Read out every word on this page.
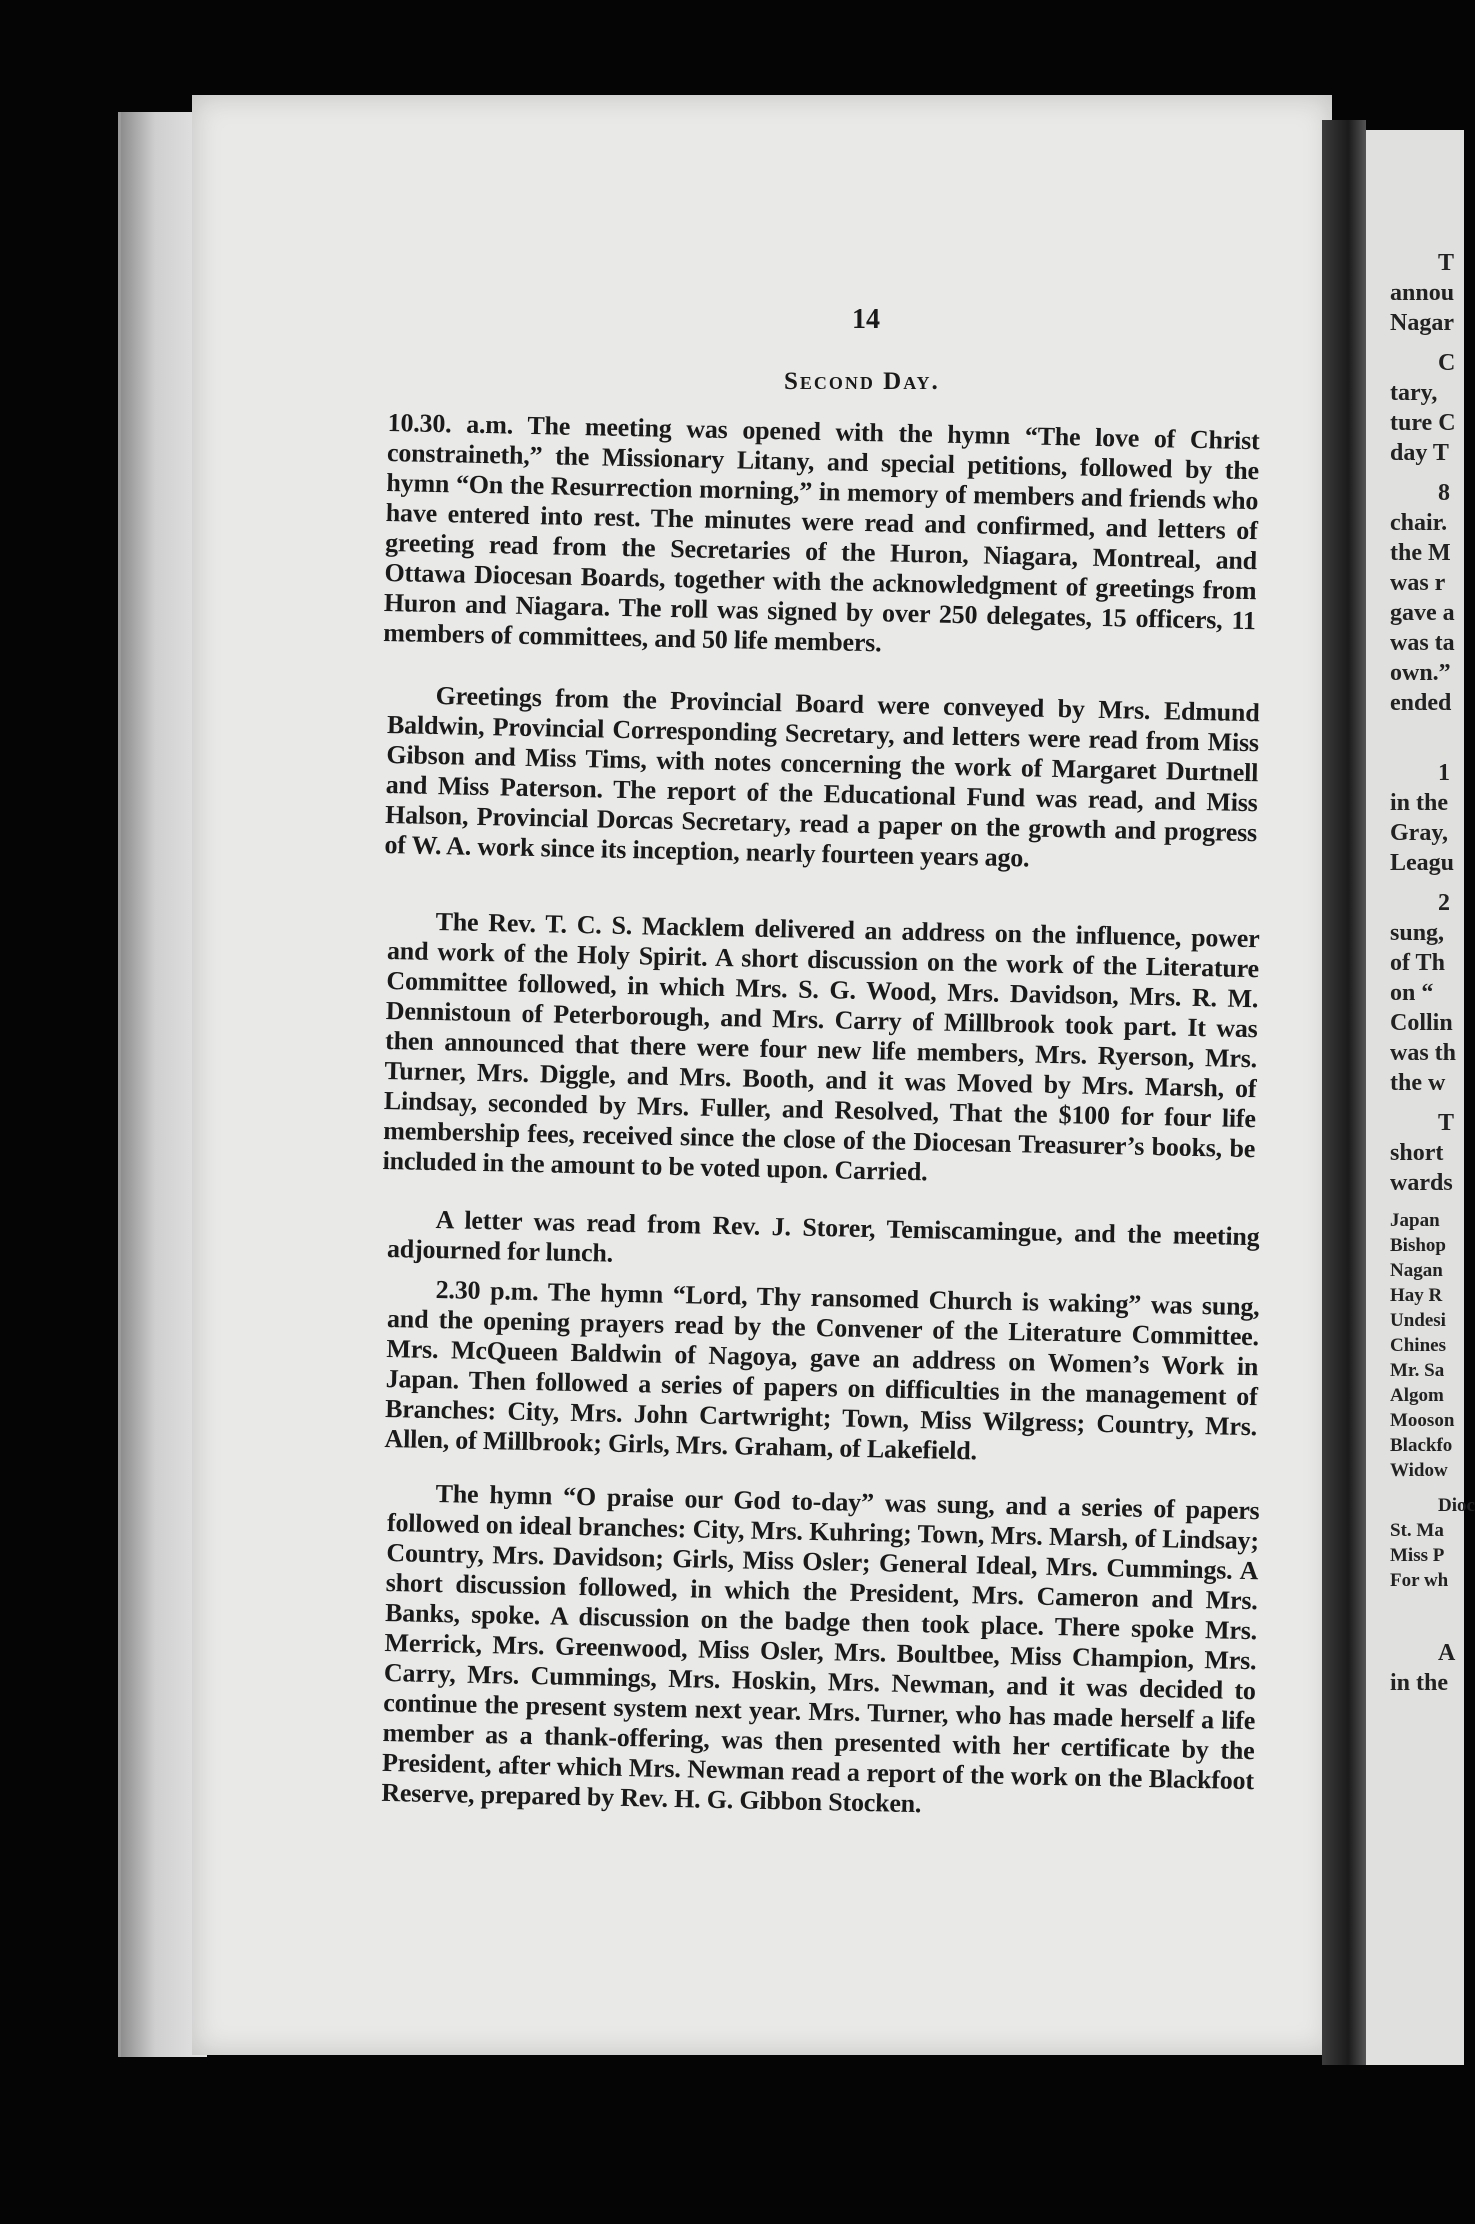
T
annou
Nagar
C
tary,
ture C
day T
8
chair.
the M
was r
gave a
was ta
own.”
ended
1
in the
Gray,
Leagu
2
sung,
of Th
on “
Collin
was th
the w
T
short
wards
Japan
Bishop
Nagan
Hay R
Undesi
Chines
Mr. Sa
Algom
Mooson
Blackfo
Widow
Dioc
St. Ma
Miss P
For wh
A
in the
14
Second Day.
10.30. a.m. The meeting was opened with the hymn “The love of Christ constraineth,” the Missionary Litany, and special petitions, followed by the hymn “On the Resurrection morning,” in memory of members and friends who have entered into rest. The minutes were read and confirmed, and letters of greeting read from the Secretaries of the Huron, Niagara, Montreal, and Ottawa Diocesan Boards, together with the acknowledgment of greetings from Huron and Niagara. The roll was signed by over 250 delegates, 15 officers, 11 members of committees, and 50 life members.
Greetings from the Provincial Board were conveyed by Mrs. Edmund Baldwin, Provincial Corresponding Secretary, and letters were read from Miss Gibson and Miss Tims, with notes concerning the work of Margaret Durtnell and Miss Paterson. The report of the Educational Fund was read, and Miss Halson, Provincial Dorcas Secretary, read a paper on the growth and progress of W. A. work since its inception, nearly fourteen years ago.
The Rev. T. C. S. Macklem delivered an address on the influence, power and work of the Holy Spirit. A short discussion on the work of the Literature Committee followed, in which Mrs. S. G. Wood, Mrs. Davidson, Mrs. R. M. Dennistoun of Peterborough, and Mrs. Carry of Millbrook took part. It was then announced that there were four new life members, Mrs. Ryerson, Mrs. Turner, Mrs. Diggle, and Mrs. Booth, and it was Moved by Mrs. Marsh, of Lindsay, seconded by Mrs. Fuller, and Resolved, That the $100 for four life membership fees, received since the close of the Diocesan Treasurer’s books, be included in the amount to be voted upon. Carried.
A letter was read from Rev. J. Storer, Temiscamingue, and the meeting adjourned for lunch.
2.30 p.m. The hymn “Lord, Thy ransomed Church is waking” was sung, and the opening prayers read by the Convener of the Literature Committee. Mrs. McQueen Baldwin of Nagoya, gave an address on Women’s Work in Japan. Then followed a series of papers on difficulties in the management of Branches: City, Mrs. John Cartwright; Town, Miss Wilgress; Country, Mrs. Allen, of Millbrook; Girls, Mrs. Graham, of Lakefield.
The hymn “O praise our God to-day” was sung, and a series of papers followed on ideal branches: City, Mrs. Kuhring; Town, Mrs. Marsh, of Lindsay; Country, Mrs. Davidson; Girls, Miss Osler; General Ideal, Mrs. Cummings. A short discussion followed, in which the President, Mrs. Cameron and Mrs. Banks, spoke. A discussion on the badge then took place. There spoke Mrs. Merrick, Mrs. Greenwood, Miss Osler, Mrs. Boultbee, Miss Champion, Mrs. Carry, Mrs. Cummings, Mrs. Hoskin, Mrs. Newman, and it was decided to continue the present system next year. Mrs. Turner, who has made herself a life member as a thank-offering, was then presented with her certificate by the President, after which Mrs. Newman read a report of the work on the Blackfoot Reserve, prepared by Rev. H. G. Gibbon Stocken.
